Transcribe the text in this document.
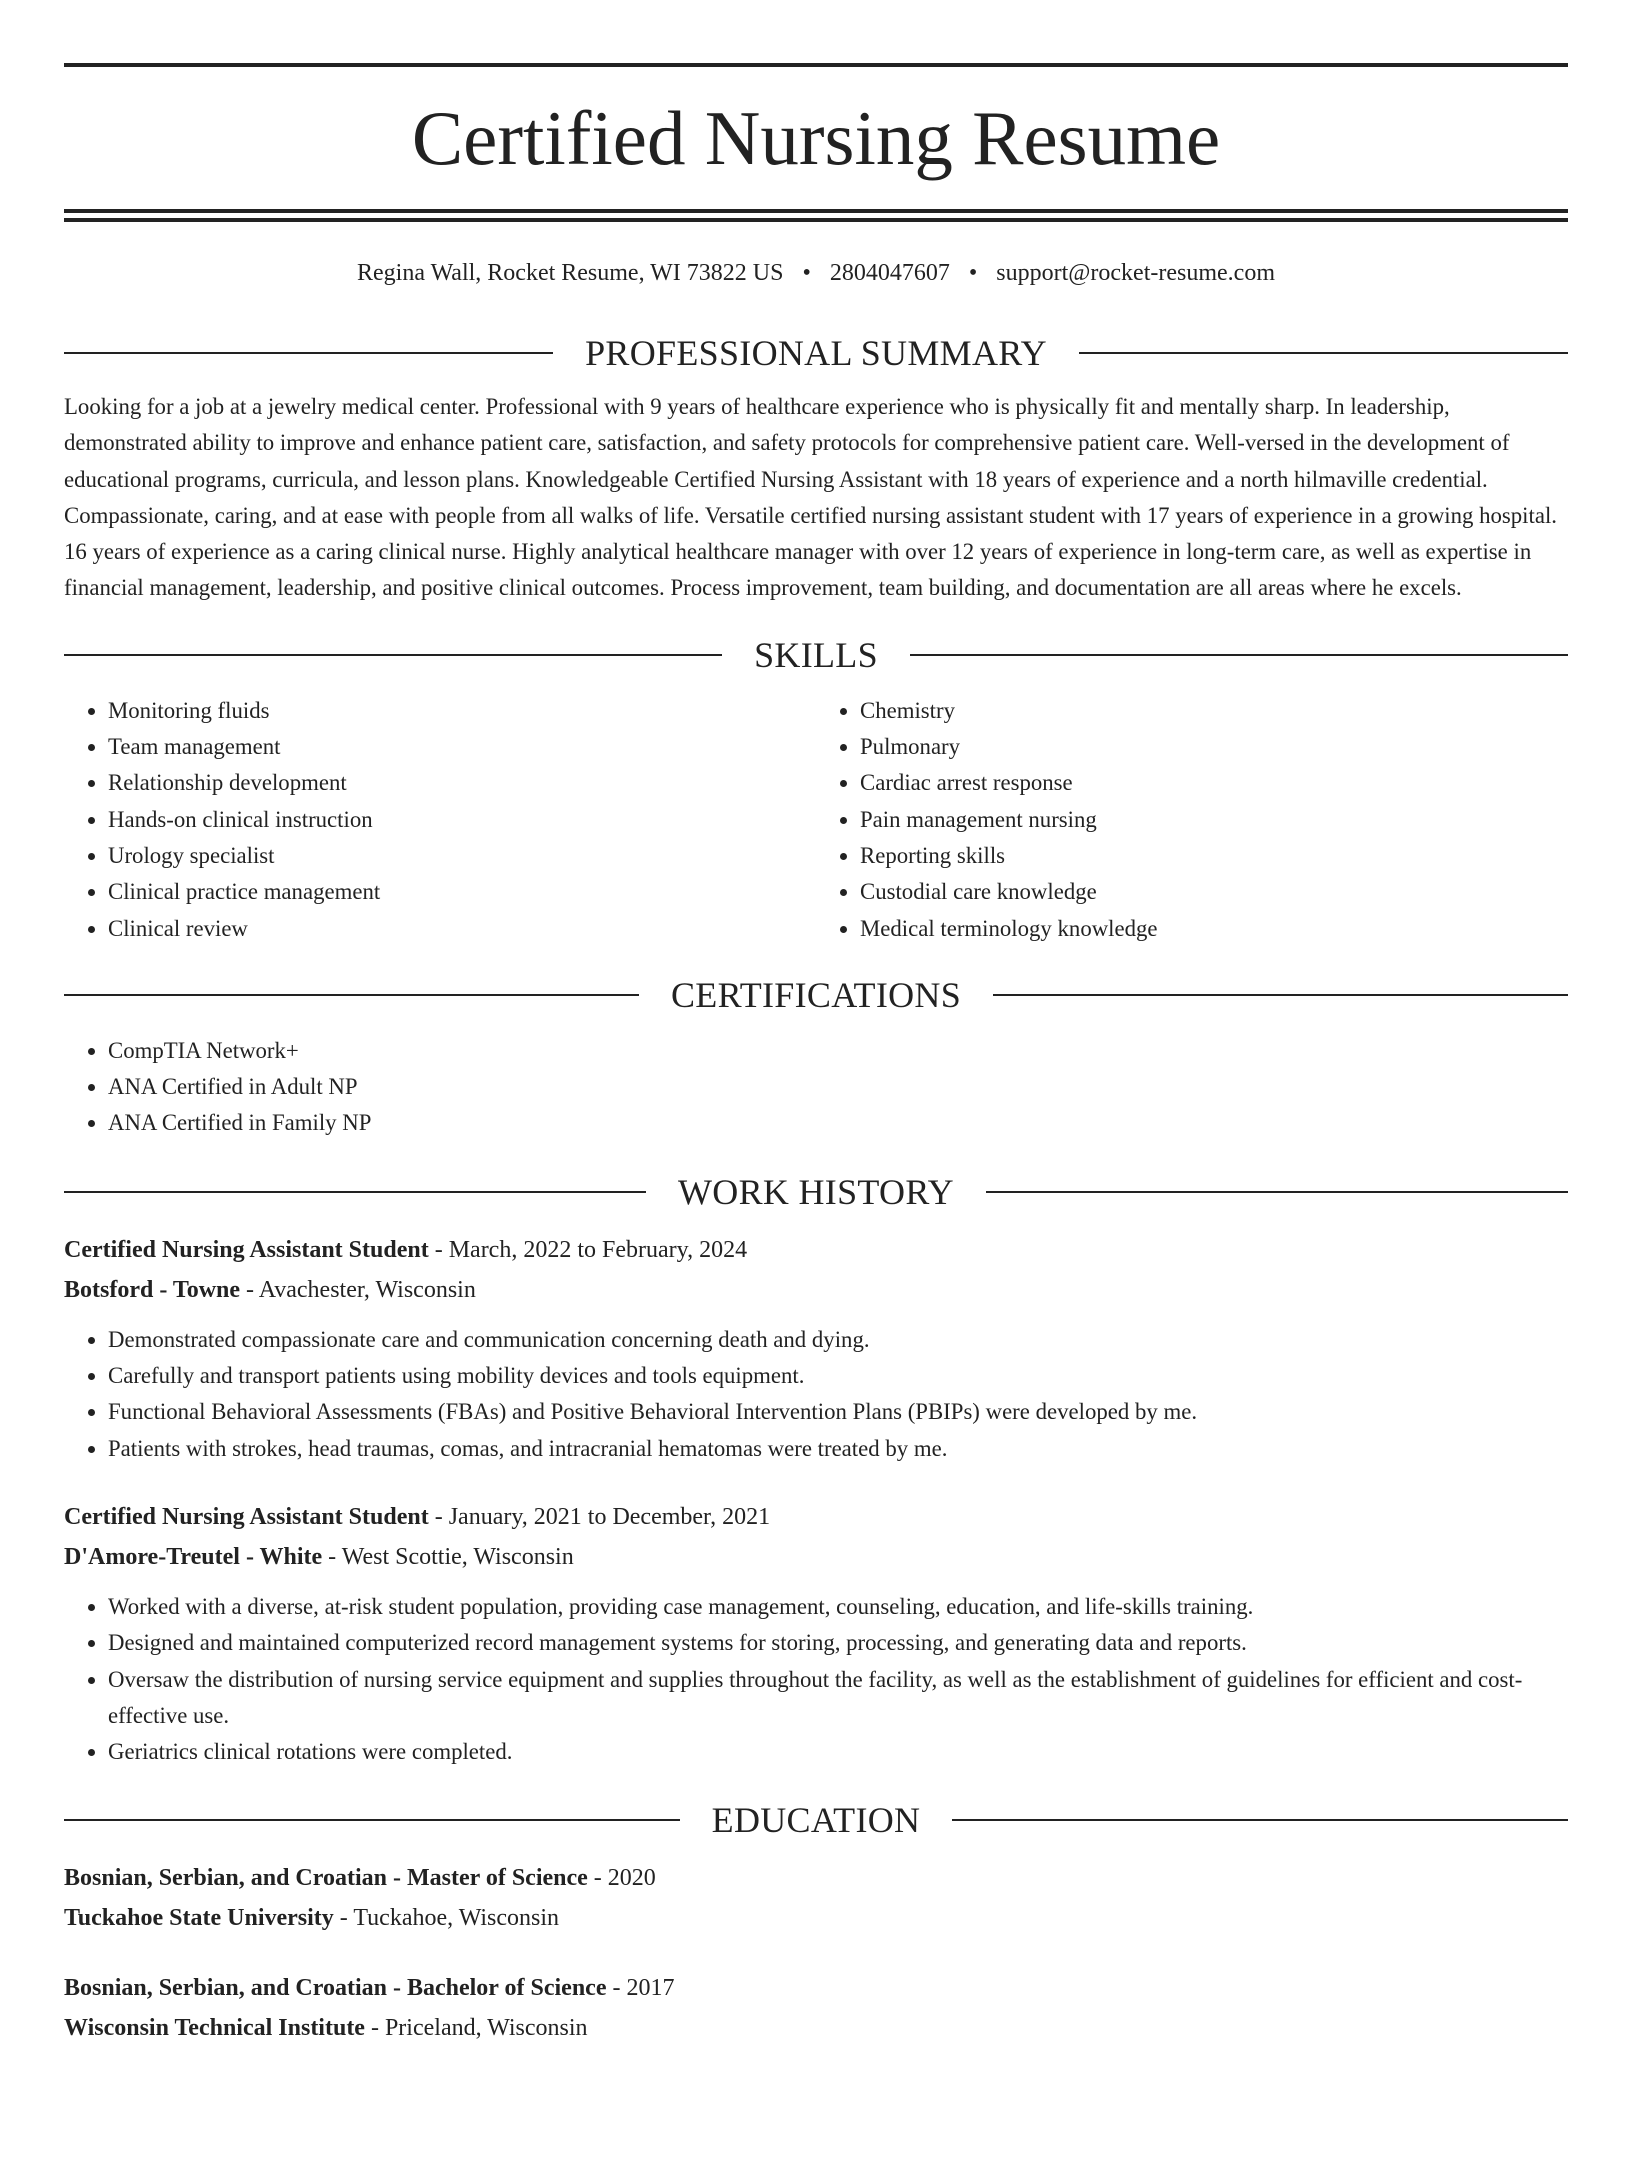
Certified Nursing Resume
Regina Wall, Rocket Resume, WI 73822 US • 2804047607 • support@rocket-resume.com
PROFESSIONAL SUMMARY

Looking for a job at a jewelry medical center. Professional with 9 years of healthcare experience who is physically fit and mentally sharp. In leadership, demonstrated ability to improve and enhance patient care, satisfaction, and safety protocols for comprehensive patient care. Well-versed in the development of educational programs, curricula, and lesson plans. Knowledgeable Certified Nursing Assistant with 18 years of experience and a north hilmaville credential. Compassionate, caring, and at ease with people from all walks of life. Versatile certified nursing assistant student with 17 years of experience in a growing hospital. 16 years of experience as a caring clinical nurse. Highly analytical healthcare manager with over 12 years of experience in long-term care, as well as expertise in financial management, leadership, and positive clinical outcomes. Process improvement, team building, and documentation are all areas where he excels.

SKILLS
• Monitoring fluids
• Team management
• Relationship development
• Hands-on clinical instruction
• Urology specialist
• Clinical practice management
• Clinical review
• Chemistry
• Pulmonary
• Cardiac arrest response
• Pain management nursing
• Reporting skills
• Custodial care knowledge
• Medical terminology knowledge
CERTIFICATIONS
• CompTIA Network+
• ANA Certified in Adult NP
• ANA Certified in Family NP
WORK HISTORY
Certified Nursing Assistant Student - March, 2022 to February, 2024
Botsford - Towne - Avachester, Wisconsin
• Demonstrated compassionate care and communication concerning death and dying.
• Carefully and transport patients using mobility devices and tools equipment.
• Functional Behavioral Assessments (FBAs) and Positive Behavioral Intervention Plans (PBIPs) were developed by me.
• Patients with strokes, head traumas, comas, and intracranial hematomas were treated by me.
Certified Nursing Assistant Student - January, 2021 to December, 2021
D'Amore-Treutel - White - West Scottie, Wisconsin
• Worked with a diverse, at-risk student population, providing case management, counseling, education, and life-skills training.
• Designed and maintained computerized record management systems for storing, processing, and generating data and reports.
• Oversaw the distribution of nursing service equipment and supplies throughout the facility, as well as the establishment of guidelines for efficient and cost-effective use.
• Geriatrics clinical rotations were completed.
EDUCATION
Bosnian, Serbian, and Croatian - Master of Science - 2020
Tuckahoe State University - Tuckahoe, Wisconsin
Bosnian, Serbian, and Croatian - Bachelor of Science - 2017
Wisconsin Technical Institute - Priceland, Wisconsin
